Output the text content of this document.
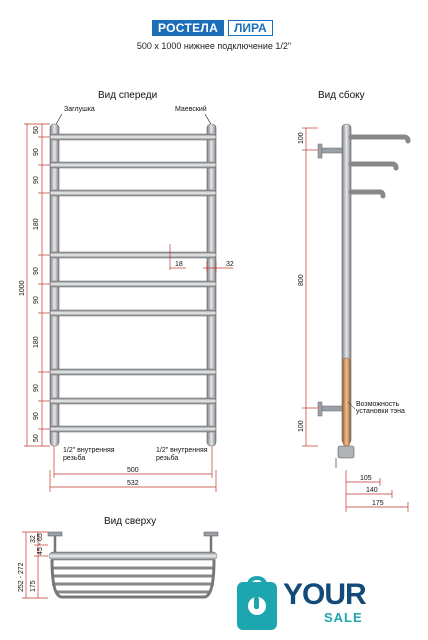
РОСТЕЛА	ЛИРА
500 х 1000 нижнее подключение 1/2"
Вид спереди
Заглушка	Маевский
50
90
90
180
90
90
180
90
90
50
1000
18	32
1/2" внутренняя
резьба
1/2" внутренняя
резьба
500
532
Вид сбоку
Возможность
установки тэна
100
800
100
105
140
175
Вид сверху
252 - 272
32 45 - 65
175	YOUR
SALE
